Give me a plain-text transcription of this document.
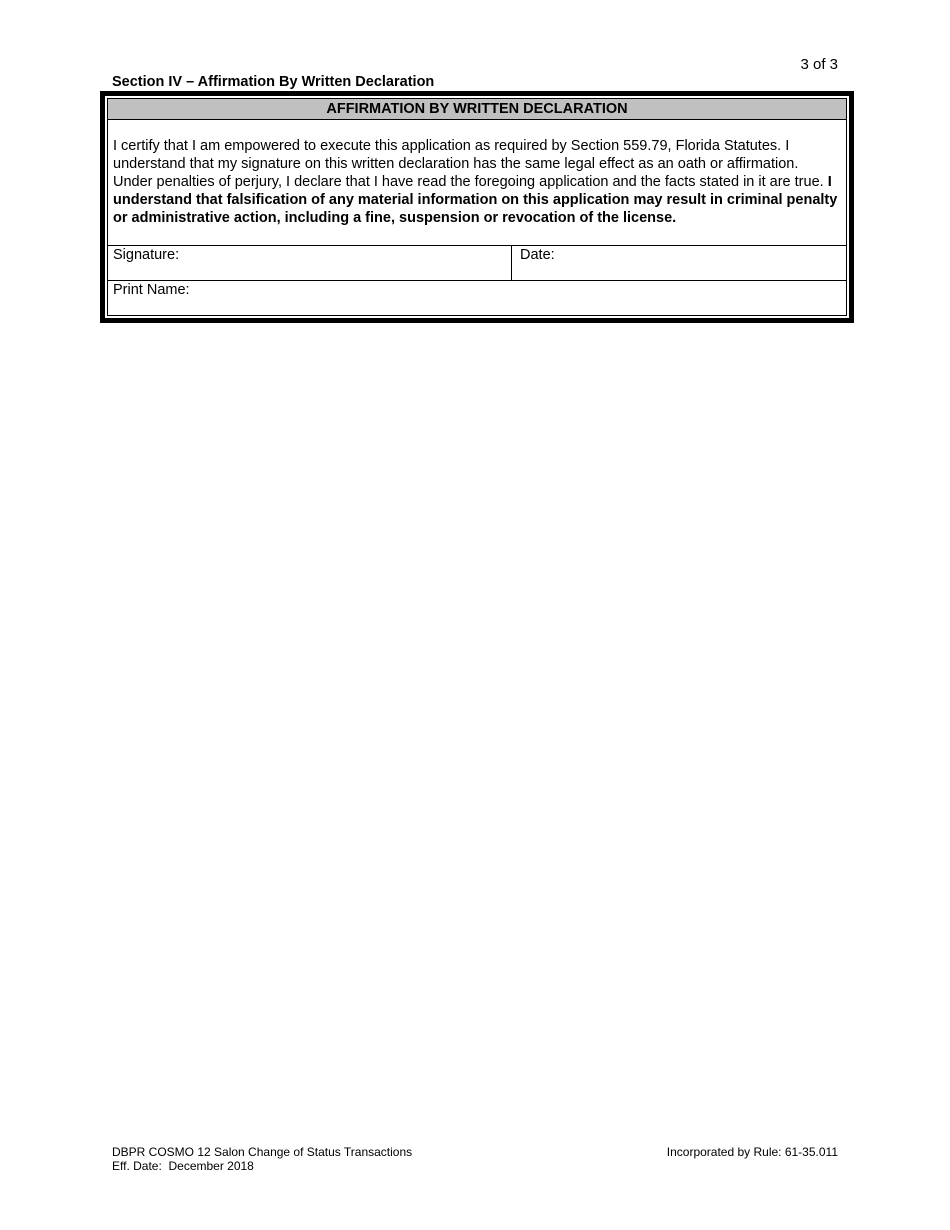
3 of 3
Section IV – Affirmation By Written Declaration
AFFIRMATION BY WRITTEN DECLARATION
I certify that I am empowered to execute this application as required by Section 559.79, Florida Statutes. I understand that my signature on this written declaration has the same legal effect as an oath or affirmation. Under penalties of perjury, I declare that I have read the foregoing application and the facts stated in it are true. I understand that falsification of any material information on this application may result in criminal penalty or administrative action, including a fine, suspension or revocation of the license.
Signature:	Date:
Print Name:
DBPR COSMO 12 Salon Change of Status Transactions
Eff. Date:  December 2018
Incorporated by Rule: 61-35.011
